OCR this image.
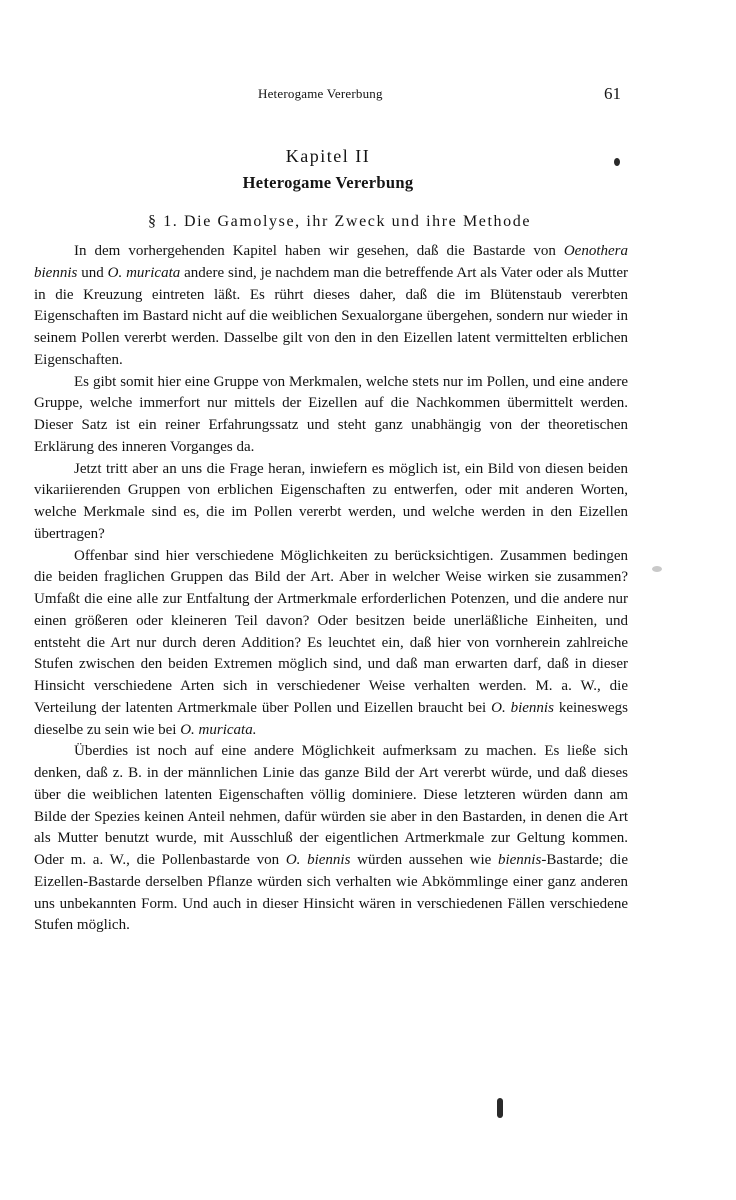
Heterogame Vererbung	61
Kapitel II
Heterogame Vererbung
§ 1. Die Gamolyse, ihr Zweck und ihre Methode

In dem vorhergehenden Kapitel haben wir gesehen, daß die Bastarde von Oenothera biennis und O. muricata andere sind, je nachdem man die betreffende Art als Vater oder als Mutter in die Kreuzung eintreten läßt. Es rührt dieses daher, daß die im Blütenstaub vererbten Eigenschaften im Bastard nicht auf die weiblichen Sexualorgane übergehen, sondern nur wieder in seinem Pollen vererbt werden. Dasselbe gilt von den in den Eizellen latent vermittelten erblichen Eigenschaften.

Es gibt somit hier eine Gruppe von Merkmalen, welche stets nur im Pollen, und eine andere Gruppe, welche immerfort nur mittels der Eizellen auf die Nachkommen übermittelt werden. Dieser Satz ist ein reiner Erfahrungssatz und steht ganz unabhängig von der theoretischen Erklärung des inneren Vorganges da.

Jetzt tritt aber an uns die Frage heran, inwiefern es möglich ist, ein Bild von diesen beiden vikariierenden Gruppen von erblichen Eigenschaften zu entwerfen, oder mit anderen Worten, welche Merkmale sind es, die im Pollen vererbt werden, und welche werden in den Eizellen übertragen?

Offenbar sind hier verschiedene Möglichkeiten zu berücksichtigen. Zusammen bedingen die beiden fraglichen Gruppen das Bild der Art. Aber in welcher Weise wirken sie zusammen? Umfaßt die eine alle zur Entfaltung der Artmerkmale erforderlichen Potenzen, und die andere nur einen größeren oder kleineren Teil davon? Oder besitzen beide unerläßliche Einheiten, und entsteht die Art nur durch deren Addition? Es leuchtet ein, daß hier von vornherein zahlreiche Stufen zwischen den beiden Extremen möglich sind, und daß man erwarten darf, daß in dieser Hinsicht verschiedene Arten sich in verschiedener Weise verhalten werden. M. a. W., die Verteilung der latenten Artmerkmale über Pollen und Eizellen braucht bei O. biennis keineswegs dieselbe zu sein wie bei O. muricata.

Überdies ist noch auf eine andere Möglichkeit aufmerksam zu machen. Es ließe sich denken, daß z. B. in der männlichen Linie das ganze Bild der Art vererbt würde, und daß dieses über die weiblichen latenten Eigenschaften völlig dominiere. Diese letzteren würden dann am Bilde der Spezies keinen Anteil nehmen, dafür würden sie aber in den Bastarden, in denen die Art als Mutter benutzt wurde, mit Ausschluß der eigentlichen Artmerkmale zur Geltung kommen. Oder m. a. W., die Pollenbastarde von O. biennis würden aussehen wie biennis-Bastarde; die Eizellen-Bastarde derselben Pflanze würden sich verhalten wie Abkömmlinge einer ganz anderen uns unbekannten Form. Und auch in dieser Hinsicht wären in verschiedenen Fällen verschiedene Stufen möglich.
